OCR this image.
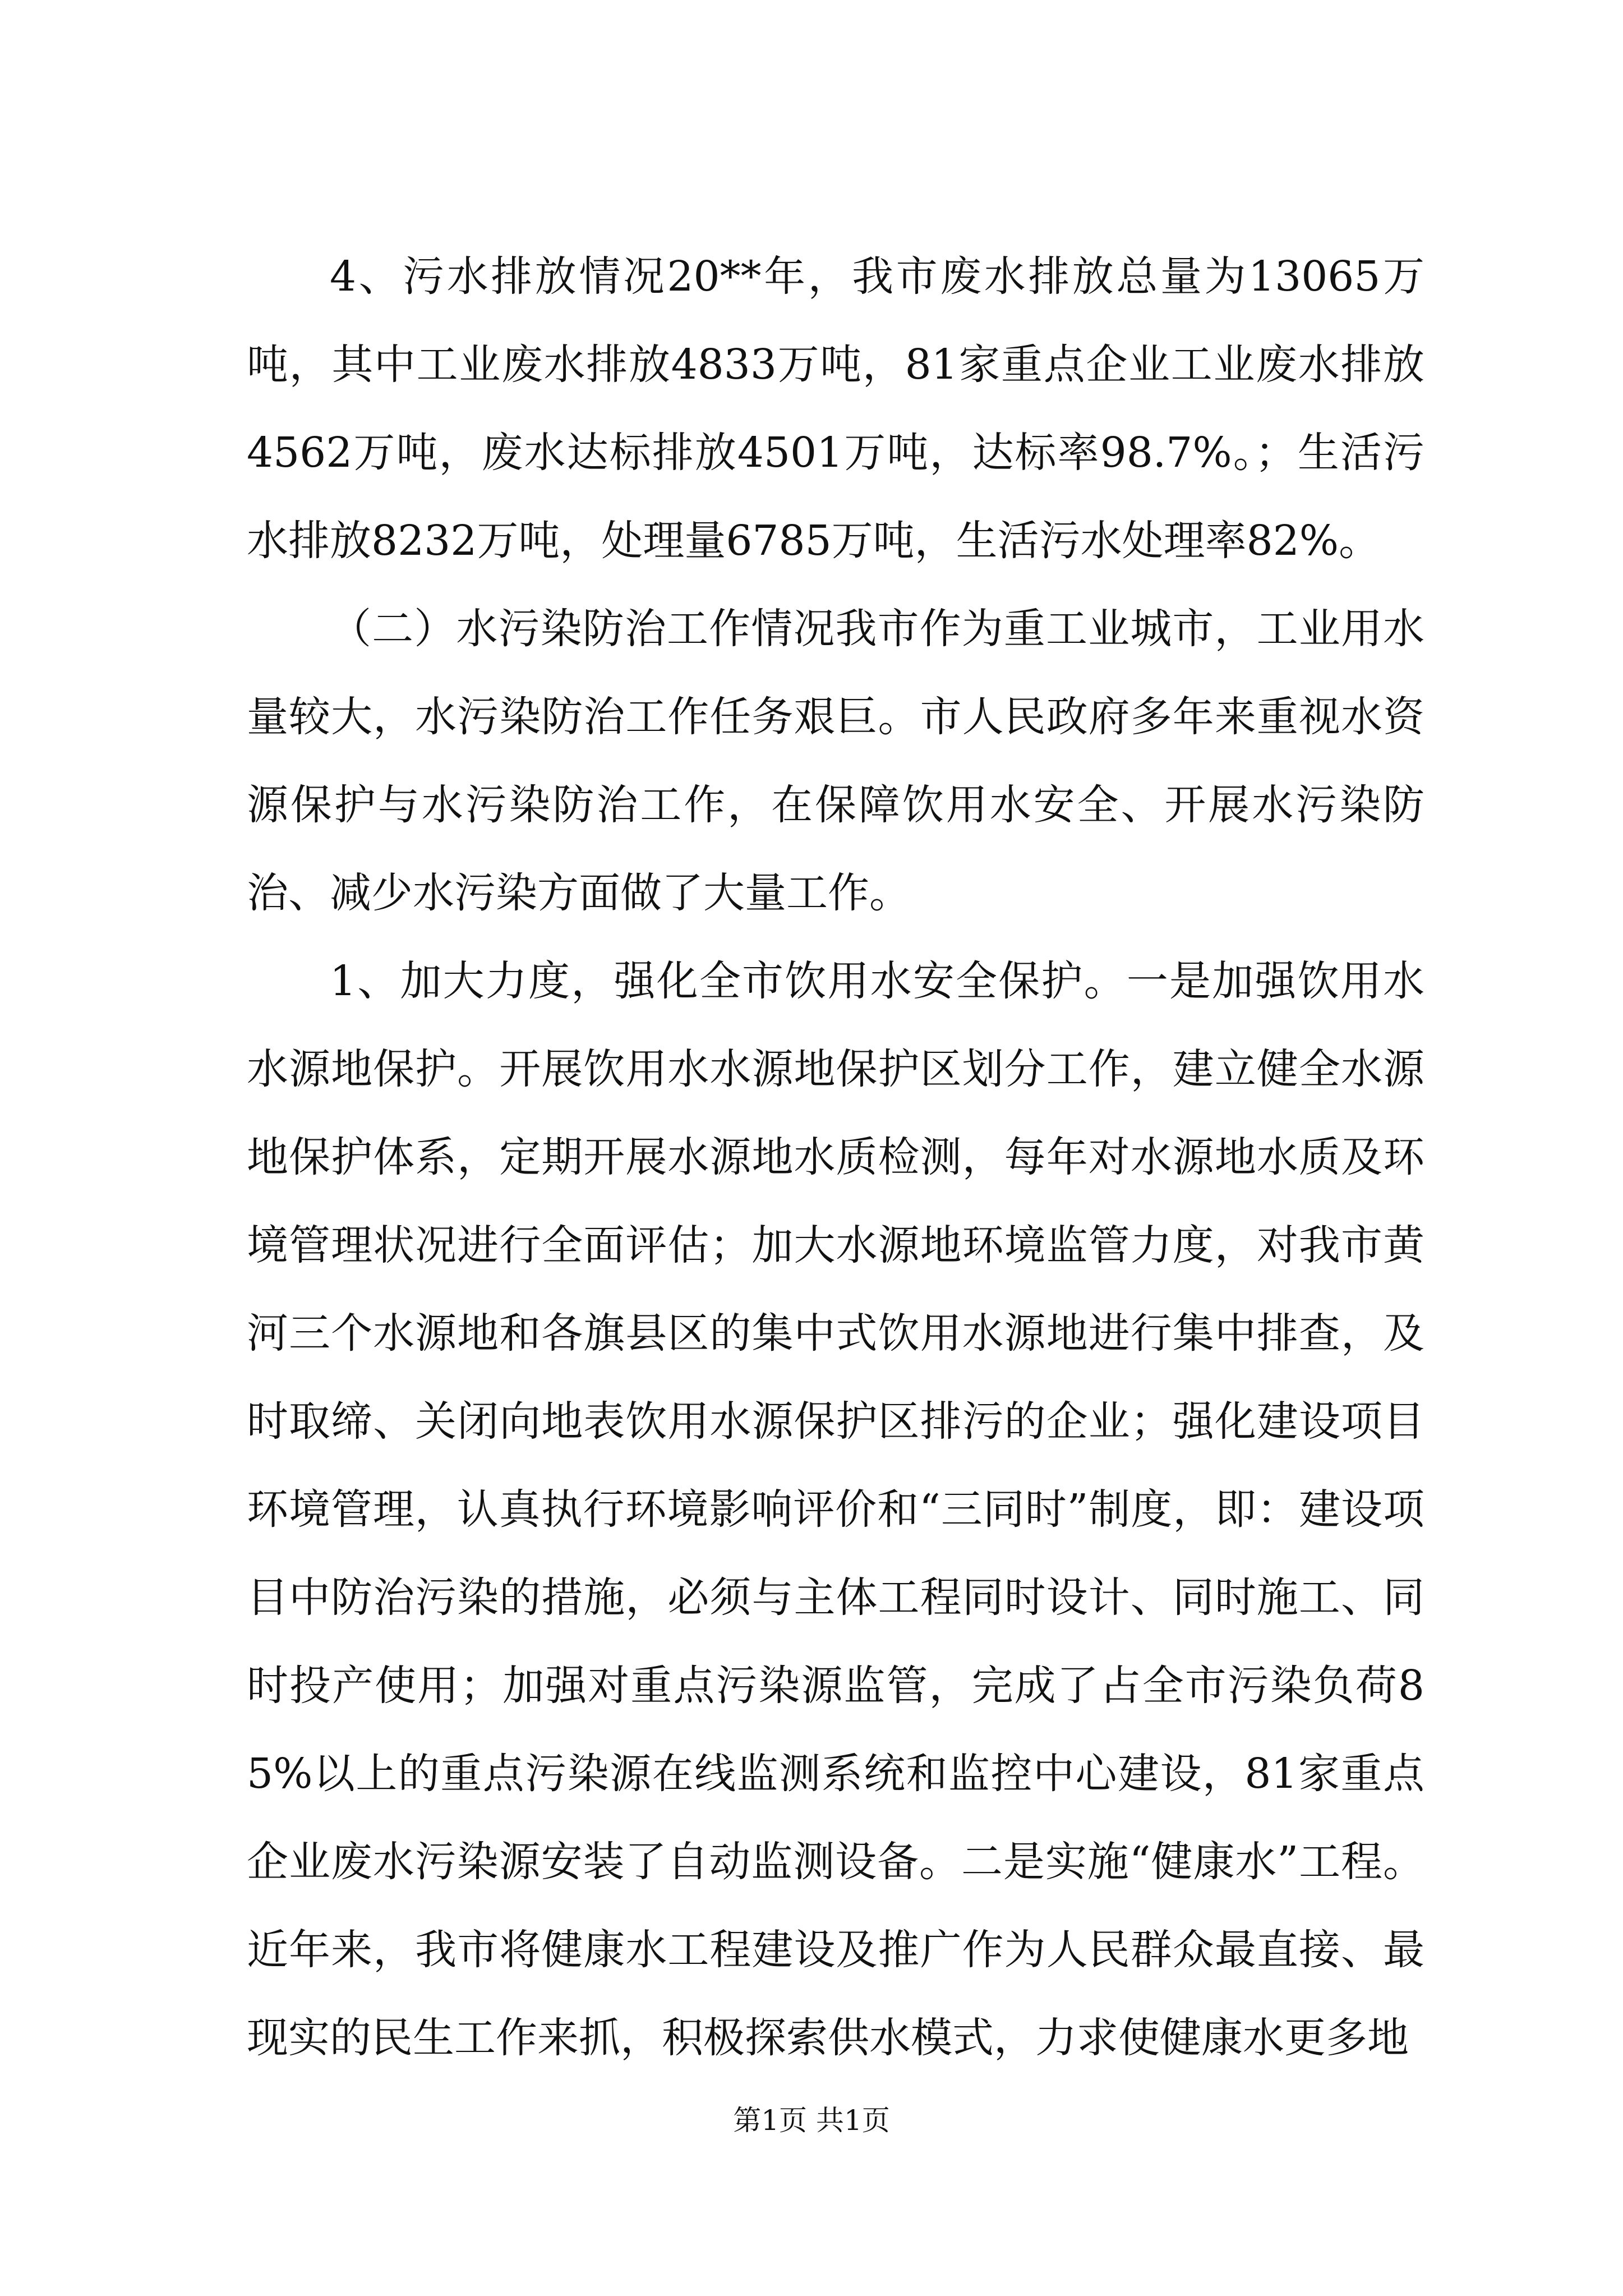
4、污水排放情况20**年，我市废水排放总量为13065万吨，其中工业废水排放4833万吨，81家重点企业工业废水排放4562万吨，废水达标排放4501万吨，达标率98.7%。；生活污水排放8232万吨，处理量6785万吨，生活污水处理率82%。

（二）水污染防治工作情况我市作为重工业城市，工业用水量较大，水污染防治工作任务艰巨。市人民政府多年来重视水资源保护与水污染防治工作，在保障饮用水安全、开展水污染防治、减少水污染方面做了大量工作。

1、加大力度，强化全市饮用水安全保护。一是加强饮用水水源地保护。开展饮用水水源地保护区划分工作，建立健全水源地保护体系，定期开展水源地水质检测，每年对水源地水质及环境管理状况进行全面评估；加大水源地环境监管力度，对我市黄河三个水源地和各旗县区的集中式饮用水源地进行集中排查，及时取缔、关闭向地表饮用水源保护区排污的企业；强化建设项目环境管理，认真执行环境影响评价和“三同时”制度，即：建设项目中防治污染的措施，必须与主体工程同时设计、同时施工、同时投产使用；加强对重点污染源监管，完成了占全市污染负荷85%以上的重点污染源在线监测系统和监控中心建设，81家重点企业废水污染源安装了自动监测设备。二是实施“健康水”工程。近年来，我市将健康水工程建设及推广作为人民群众最直接、最现实的民生工作来抓，积极探索供水模式，力求使健康水更多地

第1页 共1页
